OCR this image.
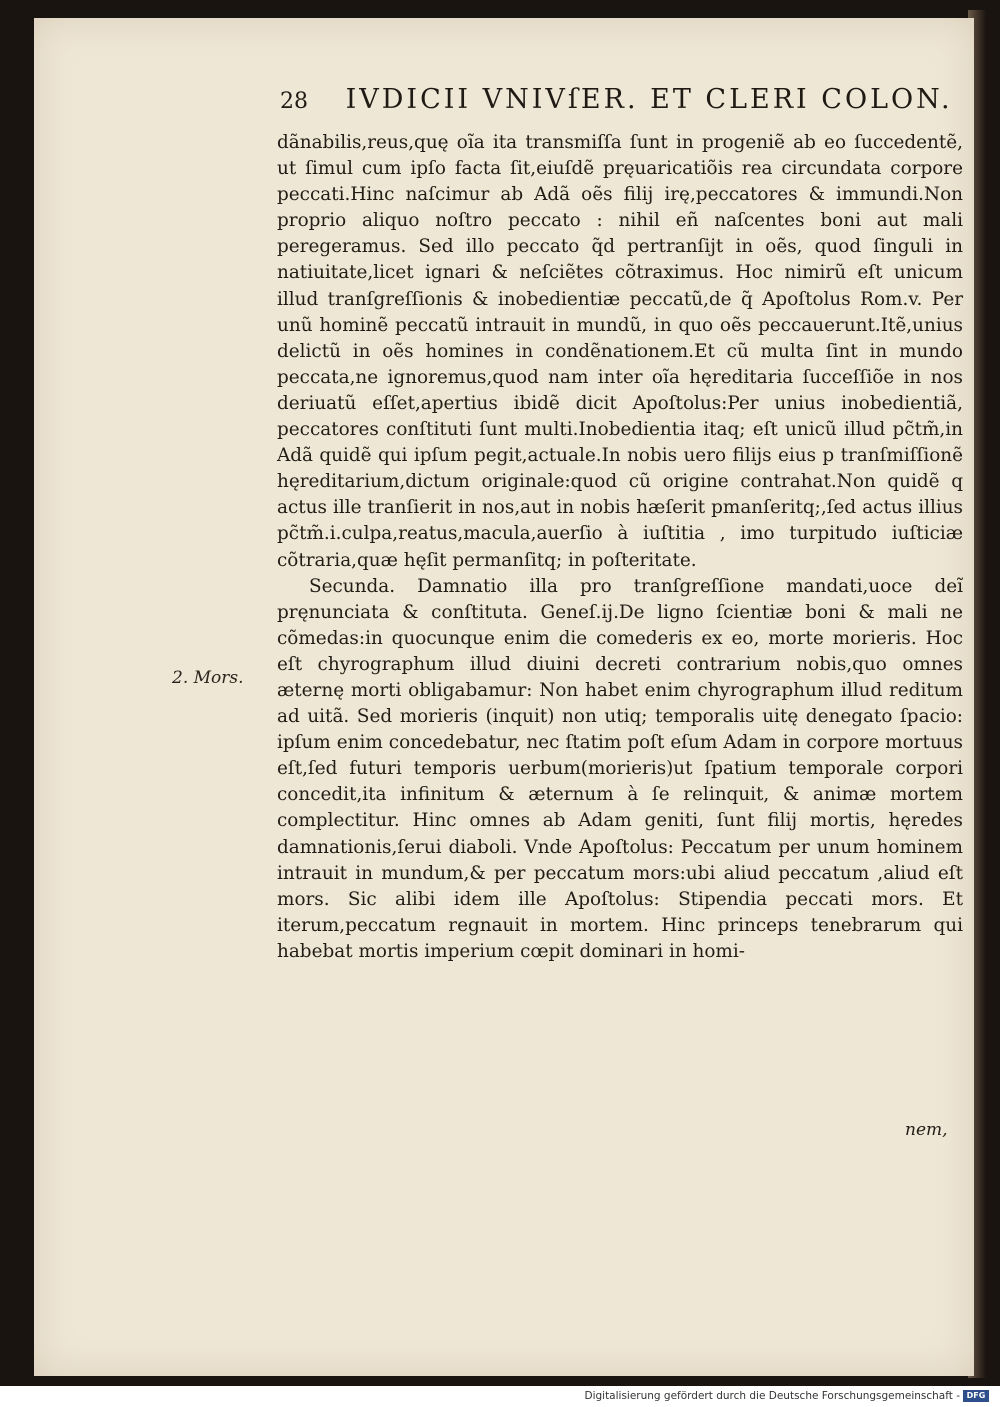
28 IVDICII VNIVſER. ET CLERI COLON.
2. Mors.

dãnabilis,reus,quę oĩa ita transmiſſa ſunt in progeniẽ ab eo ſuccedentẽ, ut ſimul cum ipſo facta ſit,eiuſdẽ pręuaricatiõis rea circundata corpore peccati.Hinc naſcimur ab Adã oẽs filij irę,peccatores & immundi.Non proprio aliquo noſtro peccato : nihil eñ naſcentes boni aut mali peregeramus. Sed illo peccato q̃d pertranſijt in oẽs, quod ſinguli in natiuitate,licet ignari & neſciẽtes cõtraximus. Hoc nimirũ eſt unicum illud tranſgreſſionis & inobedientiæ peccatũ,de q̃ Apoſtolus Rom.v. Per unũ hominẽ peccatũ intrauit in mundũ, in quo oẽs peccauerunt.Itẽ,unius delictũ in oẽs homines in condẽnationem.Et cũ multa ſint in mundo peccata,ne ignoremus,quod nam inter oĩa hęreditaria ſucceſſiõe in nos deriuatũ eſſet,apertius ibidẽ dicit Apoſtolus:Per unius inobedientiã, peccatores conſtituti ſunt multi.Inobedientia itaq; eſt unicũ illud pc̃tm̃,in Adã quidẽ qui ipſum pegit,actuale.In nobis uero filijs eius p tranſmiſſionẽ hęreditarium,dictum originale:quod cũ origine contrahat.Non quidẽ q actus ille tranſierit in nos,aut in nobis hæſerit pmanſeritq;,ſed actus illius pc̃tm̃.i.culpa,reatus,macula,auerſio à iuſtitia , imo turpitudo iuſticiæ cõtraria,quæ hęſit permanſitq; in poſteritate.

Secunda. Damnatio illa pro tranſgreſſione mandati,uoce deĩ pręnunciata & conſtituta. Geneſ.ij.De ligno ſcientiæ boni & mali ne cõmedas:in quocunque enim die comederis ex eo, morte morieris. Hoc eſt chyrographum illud diuini decreti contrarium nobis,quo omnes æternę morti obligabamur: Non habet enim chyrographum illud reditum ad uitã. Sed morieris (inquit) non utiq; temporalis uitę denegato ſpacio: ipſum enim concedebatur, nec ſtatim poſt eſum Adam in corpore mortuus eſt,ſed futuri temporis uerbum(morieris)ut ſpatium temporale corpori concedit,ita infinitum & æternum à ſe relinquit, & animæ mortem complectitur. Hinc omnes ab Adam geniti, ſunt filij mortis, hęredes damnationis,ſerui diaboli. Vnde Apoſtolus: Peccatum per unum hominem intrauit in mundum,& per peccatum mors:ubi aliud peccatum ,aliud eſt mors. Sic alibi idem ille Apoſtolus: Stipendia peccati mors. Et iterum,peccatum regnauit in mortem. Hinc princeps tenebrarum qui habebat mortis imperium cœpit dominari in homi-

nem,
Digitalisierung gefördert durch die Deutsche Forschungsgemeinschaft - DFG
